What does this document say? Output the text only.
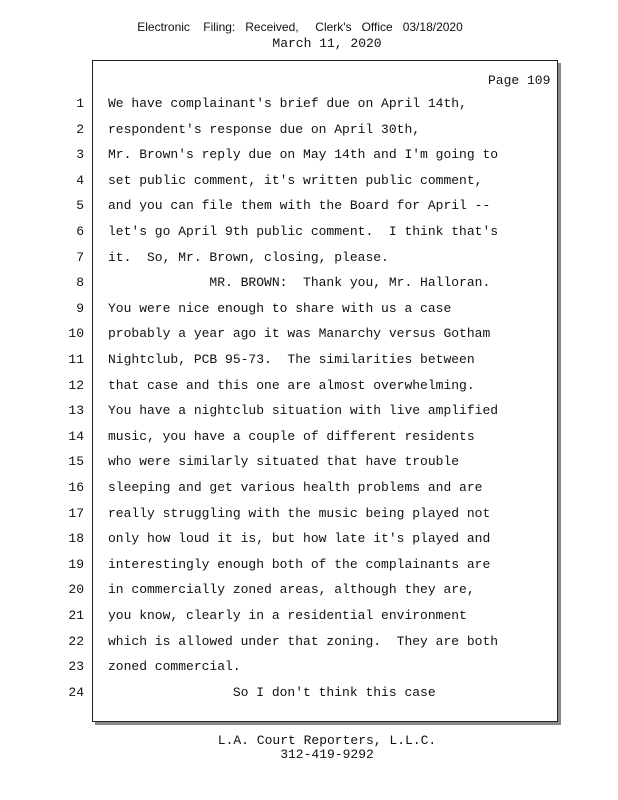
Electronic    Filing:   Received,     Clerk's   Office   03/18/2020
March 11, 2020
Page 109
1 We have complainant's brief due on April 14th,
2 respondent's response due on April 30th,
3 Mr. Brown's reply due on May 14th and I'm going to
4 set public comment, it's written public comment,
5 and you can file them with the Board for April --
6 let's go April 9th public comment.  I think that's
7 it.  So, Mr. Brown, closing, please.
8 MR. BROWN:  Thank you, Mr. Halloran.
9 You were nice enough to share with us a case
10 probably a year ago it was Manarchy versus Gotham
11 Nightclub, PCB 95-73.  The similarities between
12 that case and this one are almost overwhelming.
13 You have a nightclub situation with live amplified
14 music, you have a couple of different residents
15 who were similarly situated that have trouble
16 sleeping and get various health problems and are
17 really struggling with the music being played not
18 only how loud it is, but how late it's played and
19 interestingly enough both of the complainants are
20 in commercially zoned areas, although they are,
21 you know, clearly in a residential environment
22 which is allowed under that zoning.  They are both
23 zoned commercial.
24 So I don't think this case
L.A. Court Reporters, L.L.C.
312-419-9292
